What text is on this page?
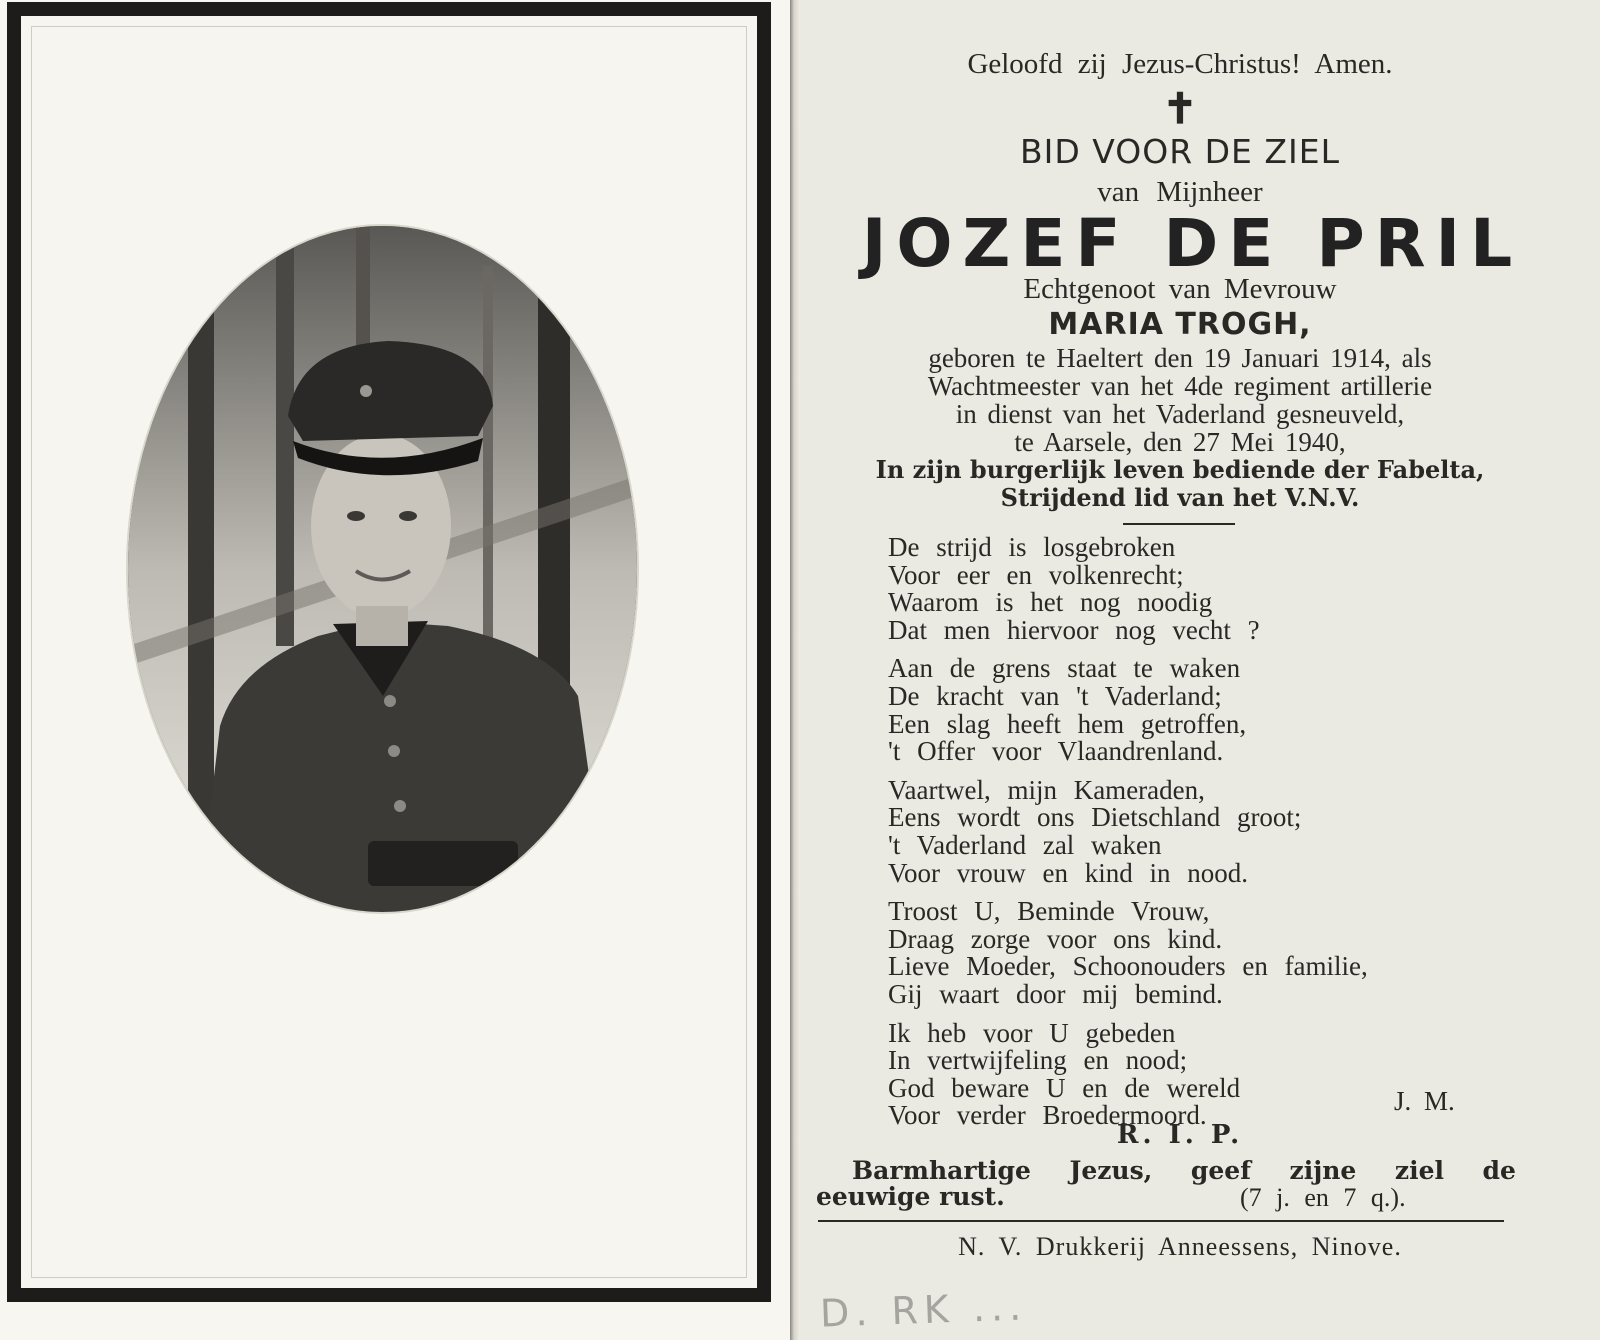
Geloofd zij Jezus-Christus! Amen.
✝
BID VOOR DE ZIEL
van Mijnheer
JOZEF DE PRIL
Echtgenoot van Mevrouw
MARIA TROGH,
geboren te Haeltert den 19 Januari 1914, als
Wachtmeester van het 4de regiment artillerie
in dienst van het Vaderland gesneuveld,
te Aarsele, den 27 Mei 1940,
In zijn burgerlijk leven bediende der Fabelta,
Strijdend lid van het V.N.V.
De strijd is losgebroken
Voor eer en volkenrecht;
Waarom is het nog noodig
Dat men hiervoor nog vecht ?
Aan de grens staat te waken
De kracht van 't Vaderland;
Een slag heeft hem getroffen,
't Offer voor Vlaandrenland.
Vaartwel, mijn Kameraden,
Eens wordt ons Dietschland groot;
't Vaderland zal waken
Voor vrouw en kind in nood.
Troost U, Beminde Vrouw,
Draag zorge voor ons kind.
Lieve Moeder, Schoonouders en familie,
Gij waart door mij bemind.
Ik heb voor U gebeden
In vertwijfeling en nood;
God beware U en de wereld
Voor verder Broedermoord.	J. M.
R. I. P.
Barmhartige Jezus, geef zijne ziel de
eeuwige rust.	(7 j. en 7 q.).
N. V. Drukkerij Anneessens, Ninove.
D. RK ...
